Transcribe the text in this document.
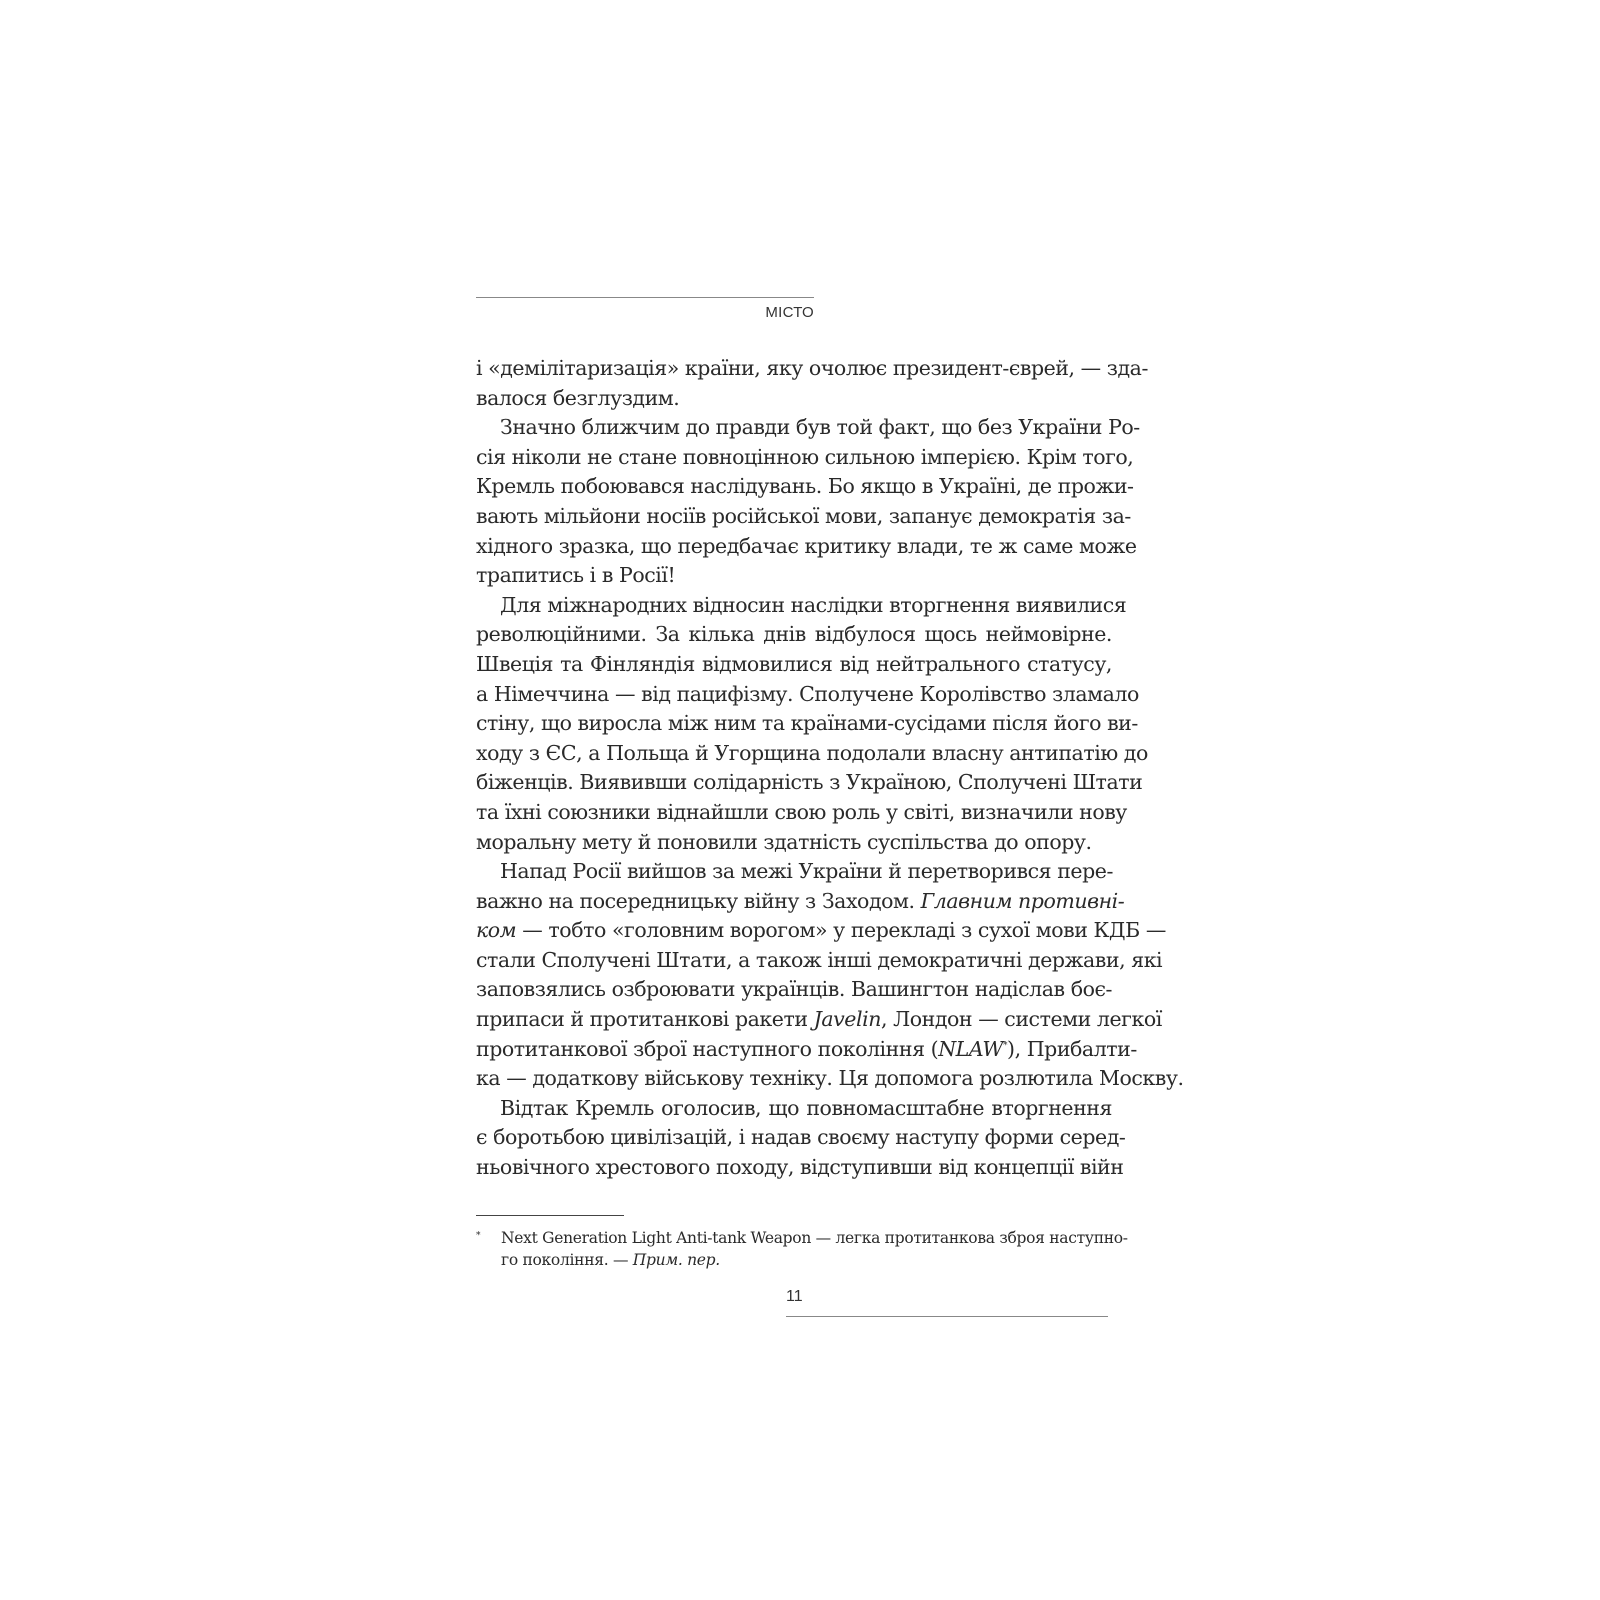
МІСТО

і «демілітаризація» країни, яку очолює президент-єврей, — зда-
валося безглуздим.

Значно ближчим до правди був той факт, що без України Ро-
сія ніколи не стане повноцінною сильною імперією. Крім того,
Кремль побоювався наслідувань. Бо якщо в Україні, де прожи-
вають мільйони носіїв російської мови, запанує демократія за-
хідного зразка, що передбачає критику влади, те ж саме може
трапитись і в Росії!

Для міжнародних відносин наслідки вторгнення виявилися
революційними. За кілька днів відбулося щось неймовірне.
Швеція та Фінляндія відмовилися від нейтрального статусу,
а Німеччина — від пацифізму. Сполучене Королівство зламало
стіну, що виросла між ним та країнами-сусідами після його ви-
ходу з ЄС, а Польща й Угорщина подолали власну антипатію до
біженців. Виявивши солідарність з Україною, Сполучені Штати
та їхні союзники віднайшли свою роль у світі, визначили нову
моральну мету й поновили здатність суспільства до опору.

Напад Росії вийшов за межі України й перетворився пере-
важно на посередницьку війну з Заходом. Главним противні-
ком — тобто «головним ворогом» у перекладі з сухої мови КДБ —
стали Сполучені Штати, а також інші демократичні держави, які
заповзялись озброювати українців. Вашингтон надіслав боє-
припаси й протитанкові ракети Javelin, Лондон — системи легкої
протитанкової зброї наступного покоління (NLAW*), Прибалти-
ка — додаткову військову техніку. Ця допомога розлютила Москву.

Відтак Кремль оголосив, що повномасштабне вторгнення
є боротьбою цивілізацій, і надав своєму наступу форми серед-
ньовічного хрестового походу, відступивши від концепції війн

* Next Generation Light Anti-tank Weapon — легка протитанкова зброя наступно-
го покоління. — Прим. пер.
11
